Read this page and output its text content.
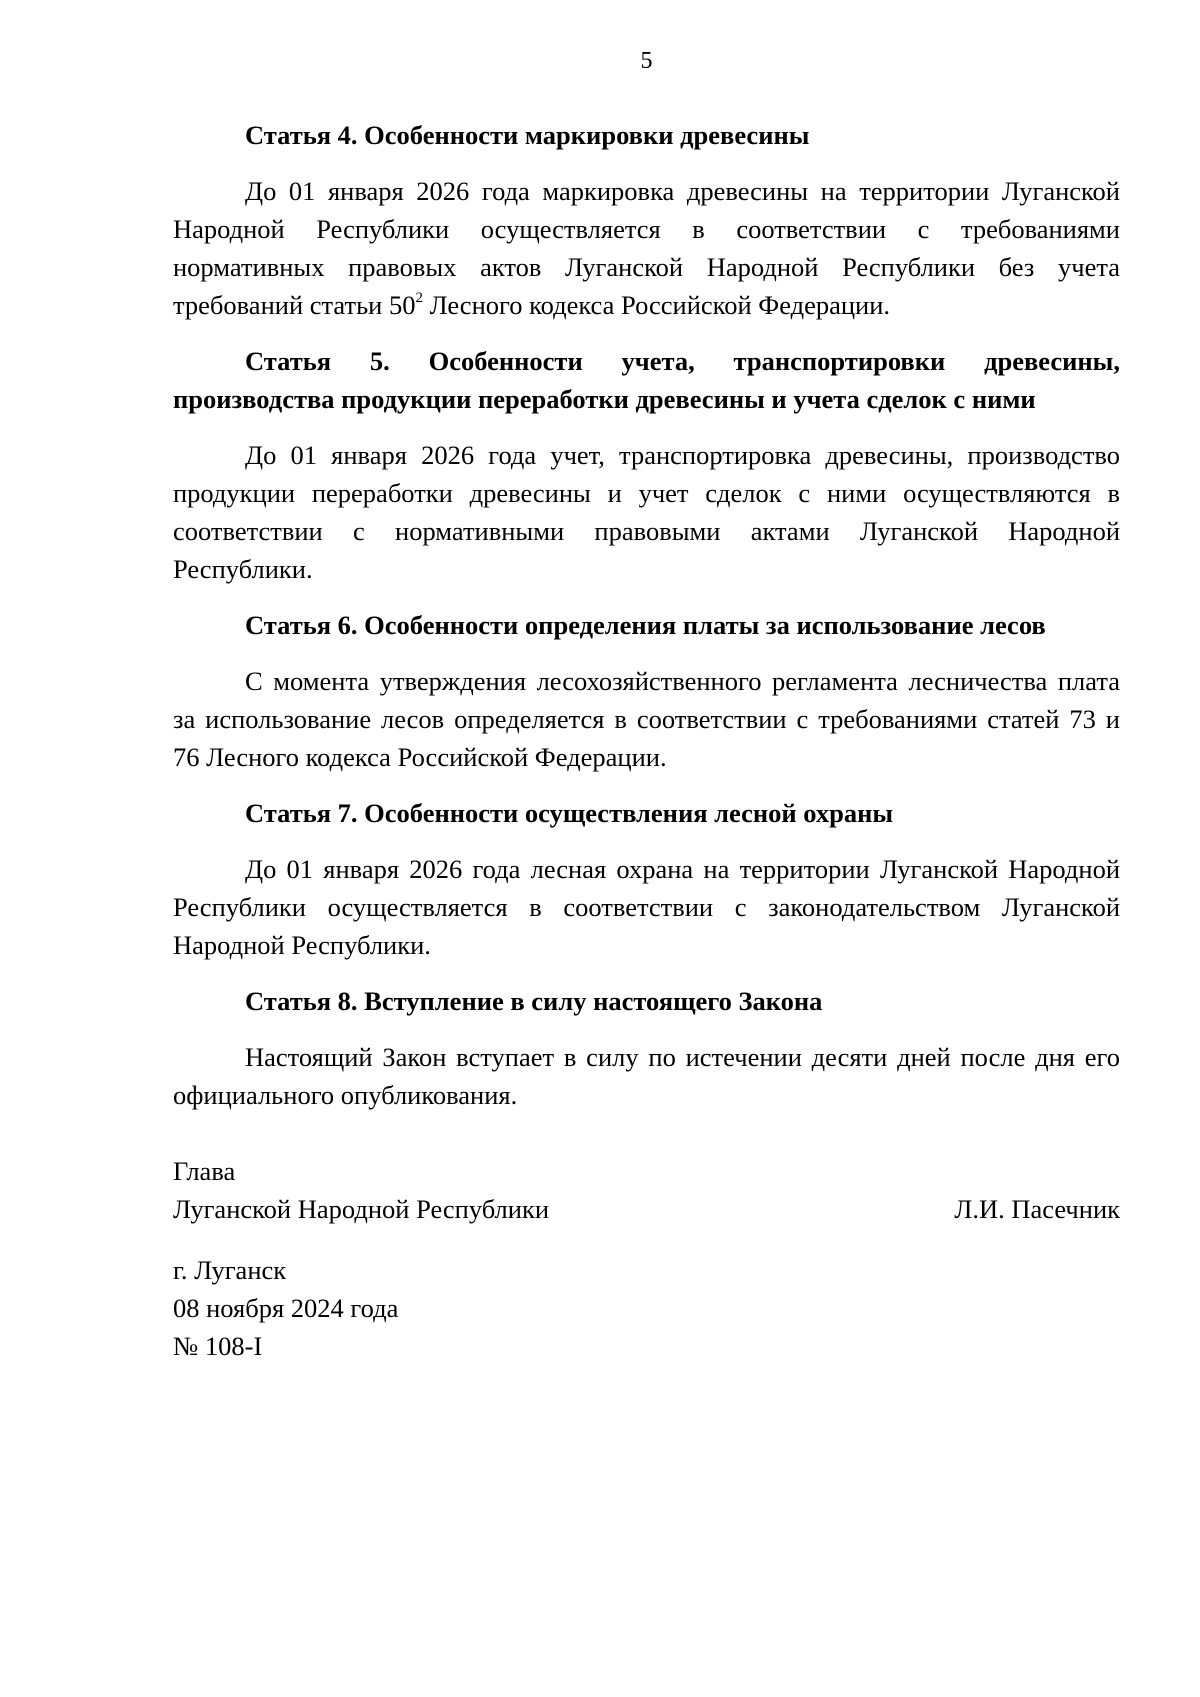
5
Статья 4. Особенности маркировки древесины
До 01 января 2026 года маркировка древесины на территории Луганской Народной Республики осуществляется в соответствии с требованиями нормативных правовых актов Луганской Народной Республики без учета требований статьи $50^2$ Лесного кодекса Российской Федерации.
Статья 5. Особенности учета, транспортировки древесины, производства продукции переработки древесины и учета сделок с ними
До 01 января 2026 года учет, транспортировка древесины, производство продукции переработки древесины и учет сделок с ними осуществляются в соответствии с нормативными правовыми актами Луганской Народной Республики.
Статья 6. Особенности определения платы за использование лесов
С момента утверждения лесохозяйственного регламента лесничества плата за использование лесов определяется в соответствии с требованиями статей 73 и 76 Лесного кодекса Российской Федерации.
Статья 7. Особенности осуществления лесной охраны
До 01 января 2026 года лесная охрана на территории Луганской Народной Республики осуществляется в соответствии с законодательством Луганской Народной Республики.
Статья 8. Вступление в силу настоящего Закона
Настоящий Закон вступает в силу по истечении десяти дней после дня его официального опубликования.
Глава
Луганской Народной Республики	Л.И. Пасечник
г. Луганск
08 ноября 2024 года
№ 108-I
